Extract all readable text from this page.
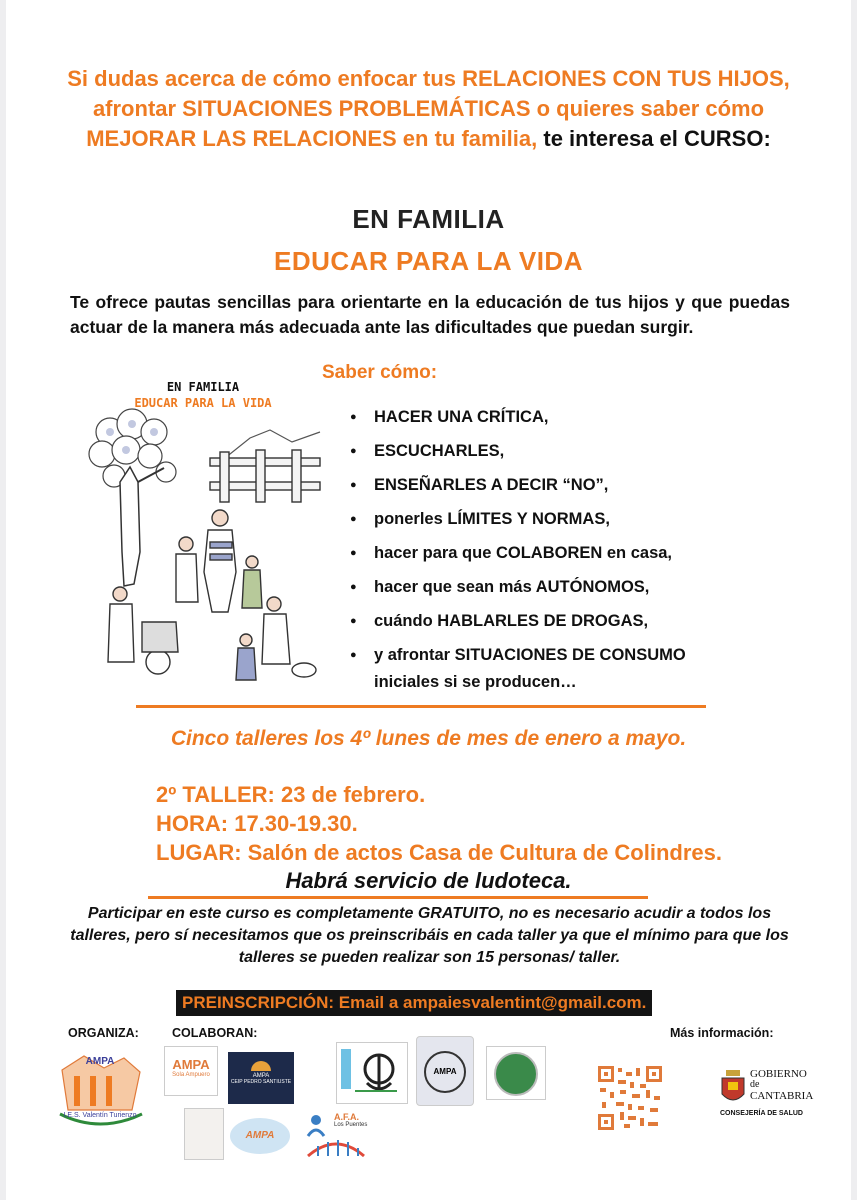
Si dudas acerca de cómo enfocar tus RELACIONES CON TUS HIJOS, afrontar SITUACIONES PROBLEMÁTICAS o quieres saber cómo MEJORAR LAS RELACIONES en tu familia, te interesa el CURSO:
EN FAMILIA
EDUCAR PARA LA VIDA
Te ofrece pautas sencillas para orientarte en la educación de tus hijos y que puedas actuar de la manera más adecuada ante las dificultades que puedan surgir.
EN FAMILIA
EDUCAR PARA LA VIDA
Saber cómo:
● HACER UNA CRÍTICA,
● ESCUCHARLES,
● ENSEÑARLES A DECIR “NO”,
● ponerles LÍMITES Y NORMAS,
● hacer para que COLABOREN en casa,
● hacer que sean más AUTÓNOMOS,
● cuándo HABLARLES DE DROGAS,
● y afrontar SITUACIONES DE CONSUMO
iniciales si se producen…
Cinco talleres los 4º lunes de mes de enero a mayo.
2º TALLER: 23 de febrero.
HORA: 17.30-19.30.
LUGAR: Salón de actos Casa de Cultura de Colindres.
Habrá servicio de ludoteca.
Participar en este curso es completamente GRATUITO, no es necesario acudir a todos los talleres, pero sí necesitamos que os preinscribáis en cada taller ya que el mínimo para que los talleres se pueden realizar son 15 personas/ taller.
PREINSCRIPCIÓN: Email a ampaiesvalentint@gmail.com.
ORGANIZA:	COLABORAN:	Más información:
AMPA
I.E.S. Valentín Turienzo
AMPA
Sola Ampuero	AMPA
CEIP PEDRO SANTIUSTE
AMPA
AMPA
A.F.A.
Los Puentes
GOBIERNO
de
CANTABRIA
CONSEJERÍA DE SALUD
